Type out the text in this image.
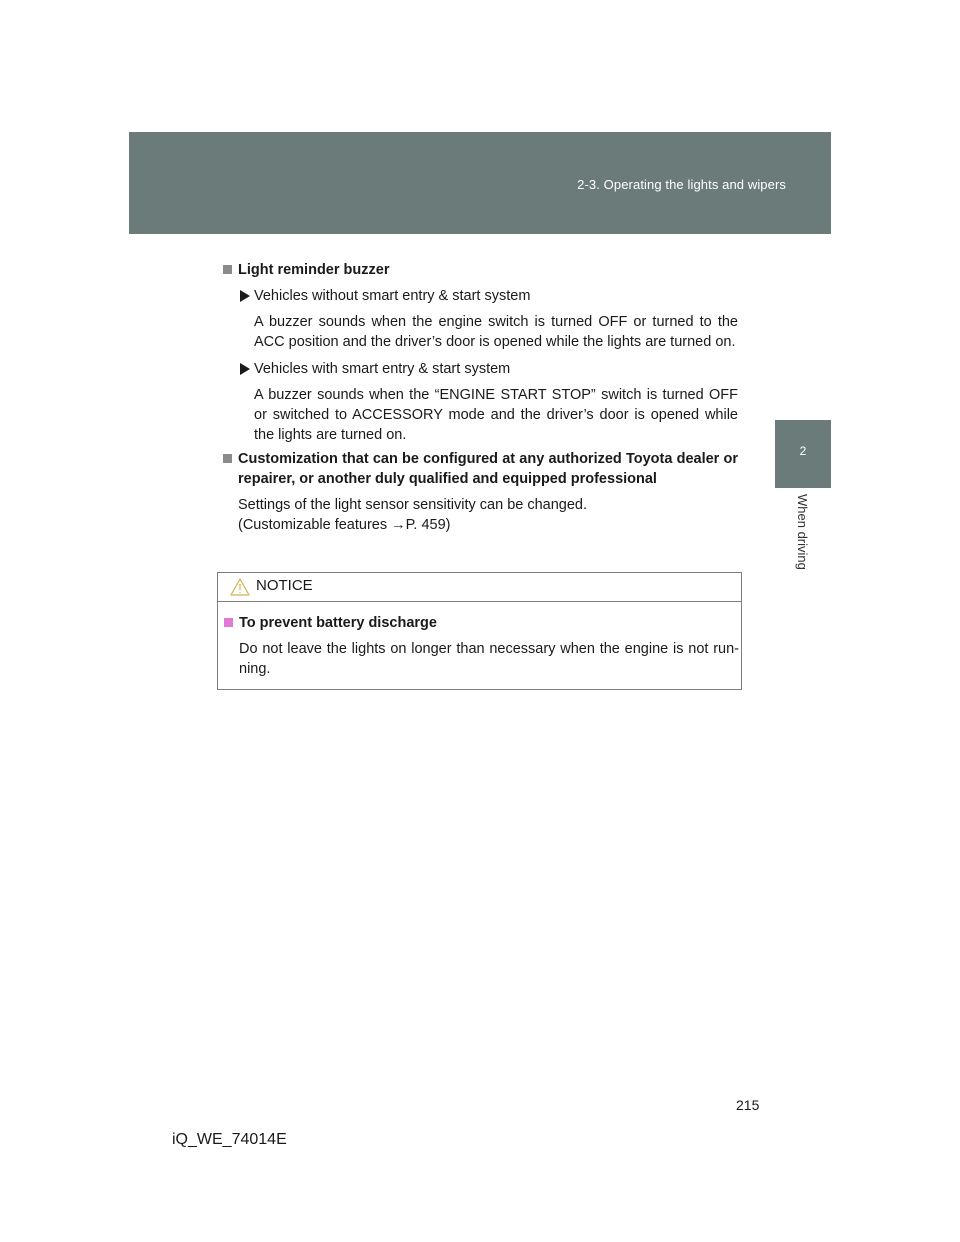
2-3. Operating the lights and wipers
2
When driving

Light reminder buzzer

Vehicles without smart entry & start system

A buzzer sounds when the engine switch is turned OFF or turned to the ACC position and the driver’s door is opened while the lights are turned on.

Vehicles with smart entry & start system

A buzzer sounds when the “ENGINE START STOP” switch is turned OFF or switched to ACCESSORY mode and the driver’s door is opened while the lights are turned on.

Customization that can be configured at any authorized Toyota dealer or repairer, or another duly qualified and equipped professional

Settings of the light sensor sensitivity can be changed.
(Customizable features →P. 459)

NOTICE

To prevent battery discharge

Do not leave the lights on longer than necessary when the engine is not run-ning.

215
iQ_WE_74014E
